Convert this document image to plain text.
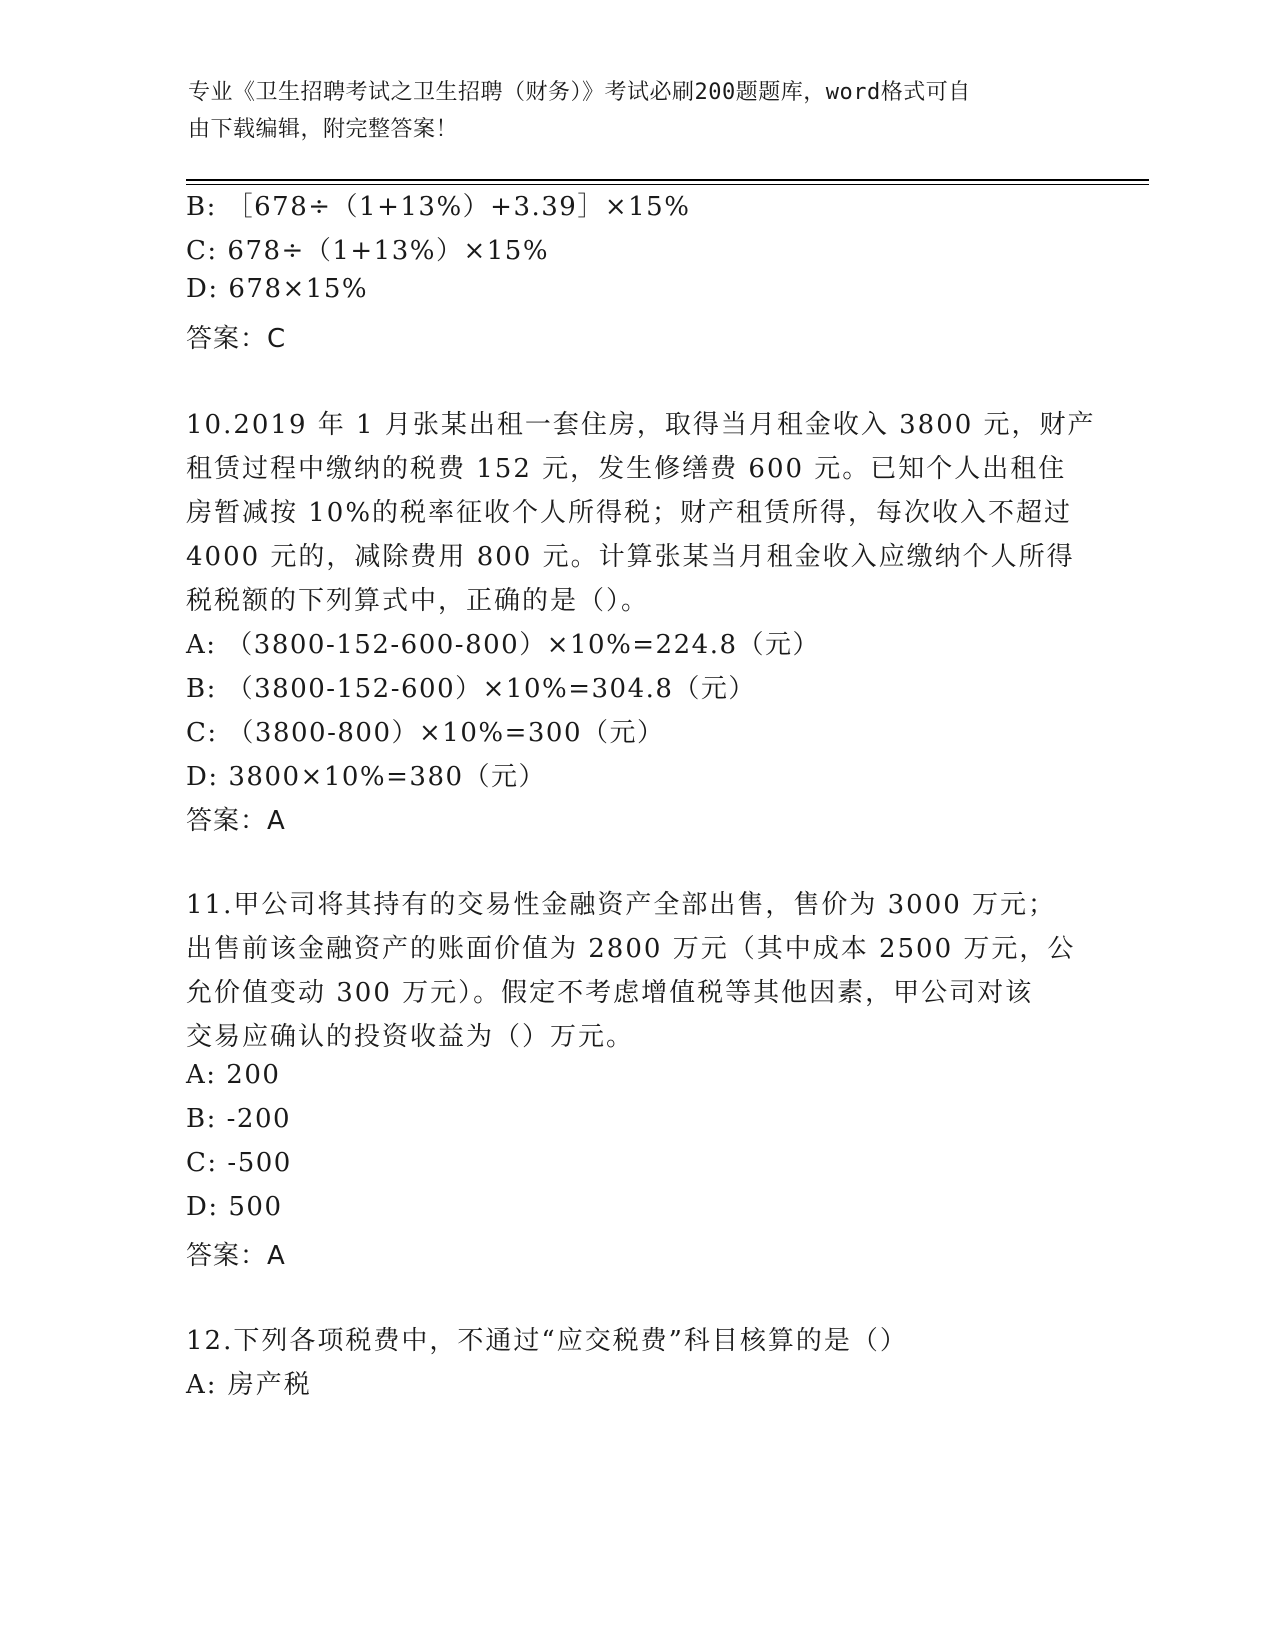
专业《卫生招聘考试之卫生招聘（财务）》考试必刷200题题库，word格式可自
由下载编辑，附完整答案！
B: ［678÷（1+13%）+3.39］×15%
C: 678÷（1+13%）×15%
D: 678×15%
答案：C
10.2019 年 1 月张某出租一套住房，取得当月租金收入 3800 元，财产
租赁过程中缴纳的税费 152 元，发生修缮费 600 元。已知个人出租住
房暂减按 10%的税率征收个人所得税；财产租赁所得，每次收入不超过
4000 元的，减除费用 800 元。计算张某当月租金收入应缴纳个人所得
税税额的下列算式中，正确的是（）。
A: （3800-152-600-800）×10%=224.8（元）
B: （3800-152-600）×10%=304.8（元）
C: （3800-800）×10%=300（元）
D: 3800×10%=380（元）
答案：A
11.甲公司将其持有的交易性金融资产全部出售，售价为 3000 万元；
出售前该金融资产的账面价值为 2800 万元（其中成本 2500 万元，公
允价值变动 300 万元）。假定不考虑增值税等其他因素，甲公司对该
交易应确认的投资收益为（）万元。
A: 200
B: -200
C: -500
D: 500
答案：A
12.下列各项税费中，不通过“应交税费”科目核算的是（）
A: 房产税
